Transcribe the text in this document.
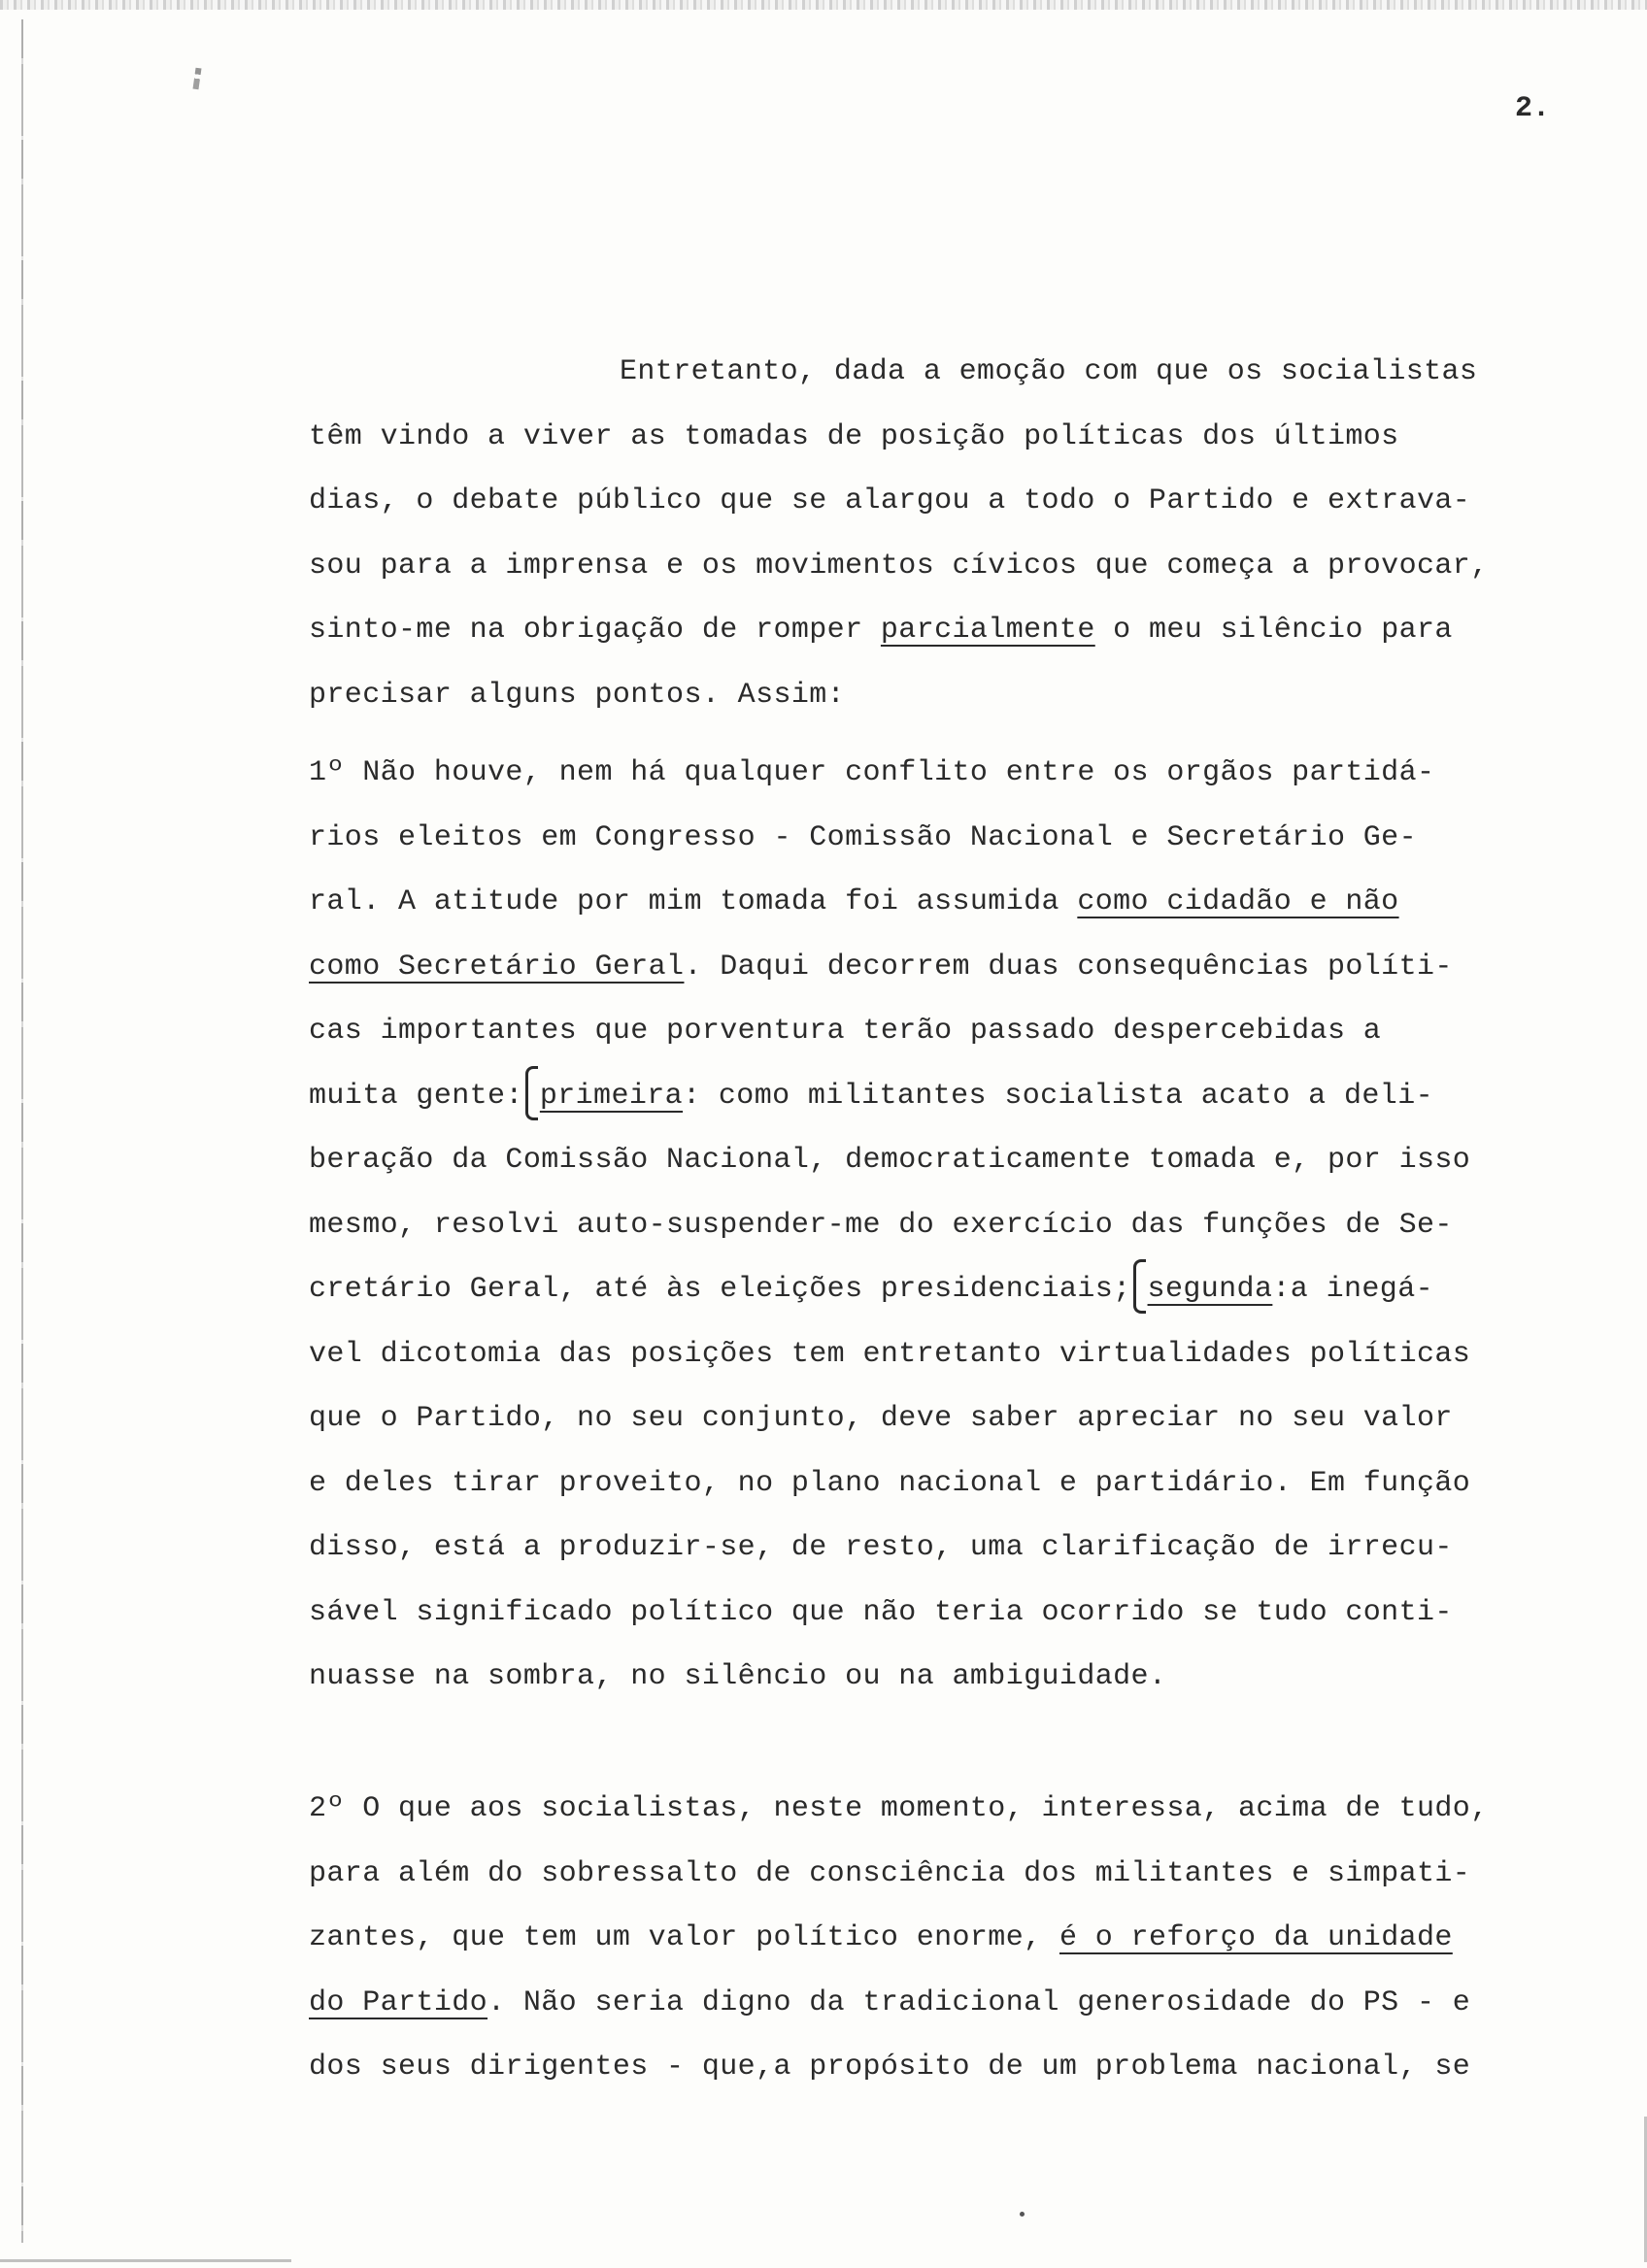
2.
Entretanto, dada a emoção com que os socialistas
têm vindo a viver as tomadas de posição políticas dos últimos
dias, o debate público que se alargou a todo o Partido e extrava-
sou para a imprensa e os movimentos cívicos que começa a provocar,
sinto-me na obrigação de romper parcialmente o meu silêncio para
precisar alguns pontos. Assim:
1º Não houve, nem há qualquer conflito entre os orgãos partidá-
rios eleitos em Congresso - Comissão Nacional e Secretário Ge-
ral. A atitude por mim tomada foi assumida como cidadão e não
como Secretário Geral. Daqui decorrem duas consequências políti-
cas importantes que porventura terão passado despercebidas a
muita gente: primeira: como militantes socialista acato a deli-
beração da Comissão Nacional, democraticamente tomada e, por isso
mesmo, resolvi auto-suspender-me do exercício das funções de Se-
cretário Geral, até às eleições presidenciais; segunda:a inegá-
vel dicotomia das posições tem entretanto virtualidades políticas
que o Partido, no seu conjunto, deve saber apreciar no seu valor
e deles tirar proveito, no plano nacional e partidário. Em função
disso, está a produzir-se, de resto, uma clarificação de irrecu-
sável significado político que não teria ocorrido se tudo conti-
nuasse na sombra, no silêncio ou na ambiguidade.
2º O que aos socialistas, neste momento, interessa, acima de tudo,
para além do sobressalto de consciência dos militantes e simpati-
zantes, que tem um valor político enorme, é o reforço da unidade
do Partido. Não seria digno da tradicional generosidade do PS - e
dos seus dirigentes - que,a propósito de um problema nacional, se
